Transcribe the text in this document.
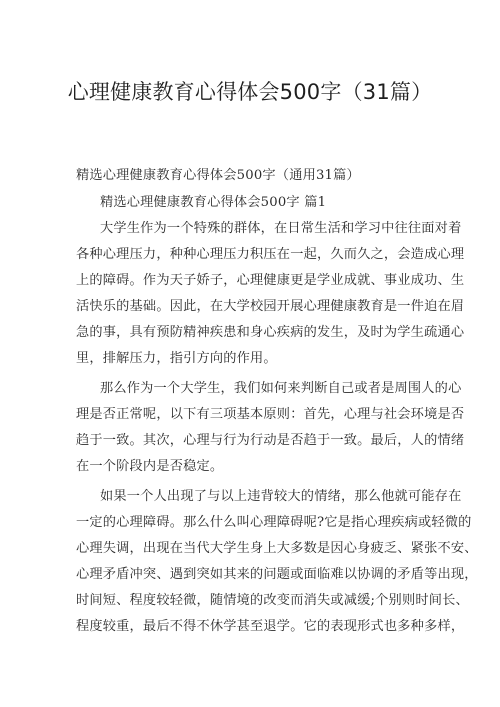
心理健康教育心得体会500字（31篇）
精选心理健康教育心得体会500字（通用31篇）
精选心理健康教育心得体会500字 篇1
大学生作为一个特殊的群体，在日常生活和学习中往往面对着
各种心理压力，种种心理压力积压在一起，久而久之，会造成心理
上的障碍。作为天子娇子，心理健康更是学业成就、事业成功、生
活快乐的基础。因此，在大学校园开展心理健康教育是一件迫在眉
急的事，具有预防精神疾患和身心疾病的发生，及时为学生疏通心
里，排解压力，指引方向的作用。
那么作为一个大学生，我们如何来判断自己或者是周围人的心
理是否正常呢，以下有三项基本原则：首先，心理与社会环境是否
趋于一致。其次，心理与行为行动是否趋于一致。最后，人的情绪
在一个阶段内是否稳定。
如果一个人出现了与以上违背较大的情绪，那么他就可能存在
一定的心理障碍。那么什么叫心理障碍呢?它是指心理疾病或轻微的
心理失调，出现在当代大学生身上大多数是因心身疲乏、紧张不安、
心理矛盾冲突、遇到突如其来的问题或面临难以协调的矛盾等出现，
时间短、程度较轻微，随情境的改变而消失或减缓;个别则时间长、
程度较重，最后不得不休学甚至退学。它的表现形式也多种多样，
